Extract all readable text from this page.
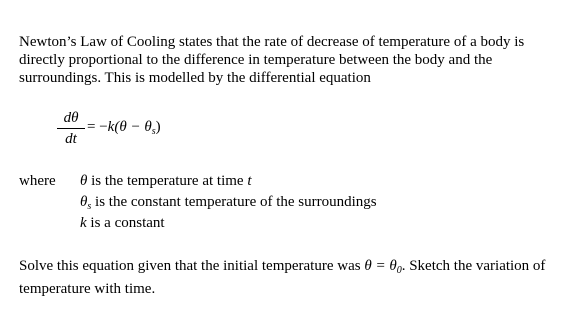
Newton’s Law of Cooling states that the rate of decrease of temperature of a body is directly proportional to the difference in temperature between the body and the surroundings. This is modelled by the differential equation

dθ
dt
= $-k(\theta - \theta_s)$
where θ is the temperature at time t
$\theta_s$ is the constant temperature of the surroundings
k is a constant

Solve this equation given that the initial temperature was $\theta = \theta_0$. Sketch the variation of temperature with time.
